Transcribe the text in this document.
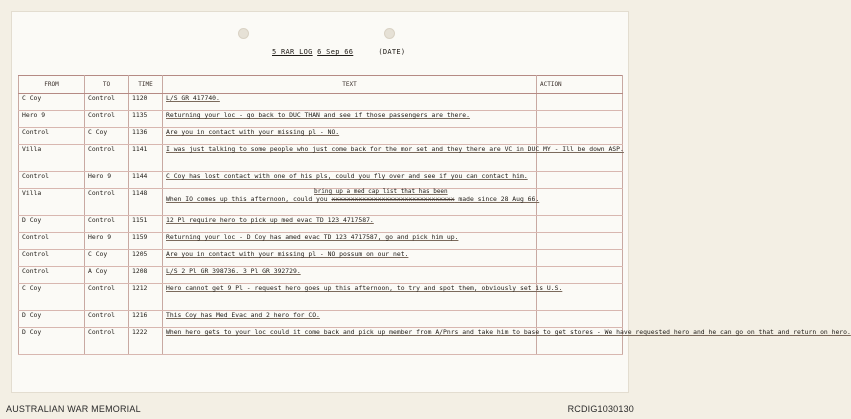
5 RAR LOG 6 Sep 66	(DATE)
FROM	TO	TIME	TEXT	ACTION
C Coy	Control	1120	L/S GR 417740.	
Hero 9	Control	1135	Returning your loc - go back to DUC THAN and see if those passengers are there.	
Control	C Coy	1136	Are you in contact with your missing pl - NO.	
Villa	Control	1141	I was just talking to some people who just come back for the mor set and they there are VC in DUC MY - Ill be down ASP.	
Control	Hero 9	1144	C Coy has lost contact with one of his pls, could you fly over and see if you can contact him.	
Villa	Control	1148	bring up a med cap list that has been
When IO comes up this afternoon, could you xxxxxxxxxxxxxxxxxxxxxxxxxxxxxxxx made since 28 Aug 66.	
D Coy	Control	1151	12 Pl require hero to pick up med evac TD 123 4717587.	
Control	Hero 9	1159	Returning your loc - D Coy has amed evac TD 123 4717587, go and pick him up.	
Control	C Coy	1205	Are you in contact with your missing pl - NO possum on our net.	
Control	A Coy	1208	L/S 2 Pl GR 398736. 3 Pl GR 392729.	
C Coy	Control	1212	Hero cannot get 9 Pl - request hero goes up this afternoon, to try and spot them, obviously set is U.S.	
D Coy	Control	1216	This Coy has Med Evac and 2 hero for CO.	
D Coy	Control	1222	When hero gets to your loc could it come back and pick up member from A/Pnrs and take him to base to get stores - We have requested hero and he can go on that and return on hero.	
AUSTRALIAN WAR MEMORIAL	RCDIG1030130
